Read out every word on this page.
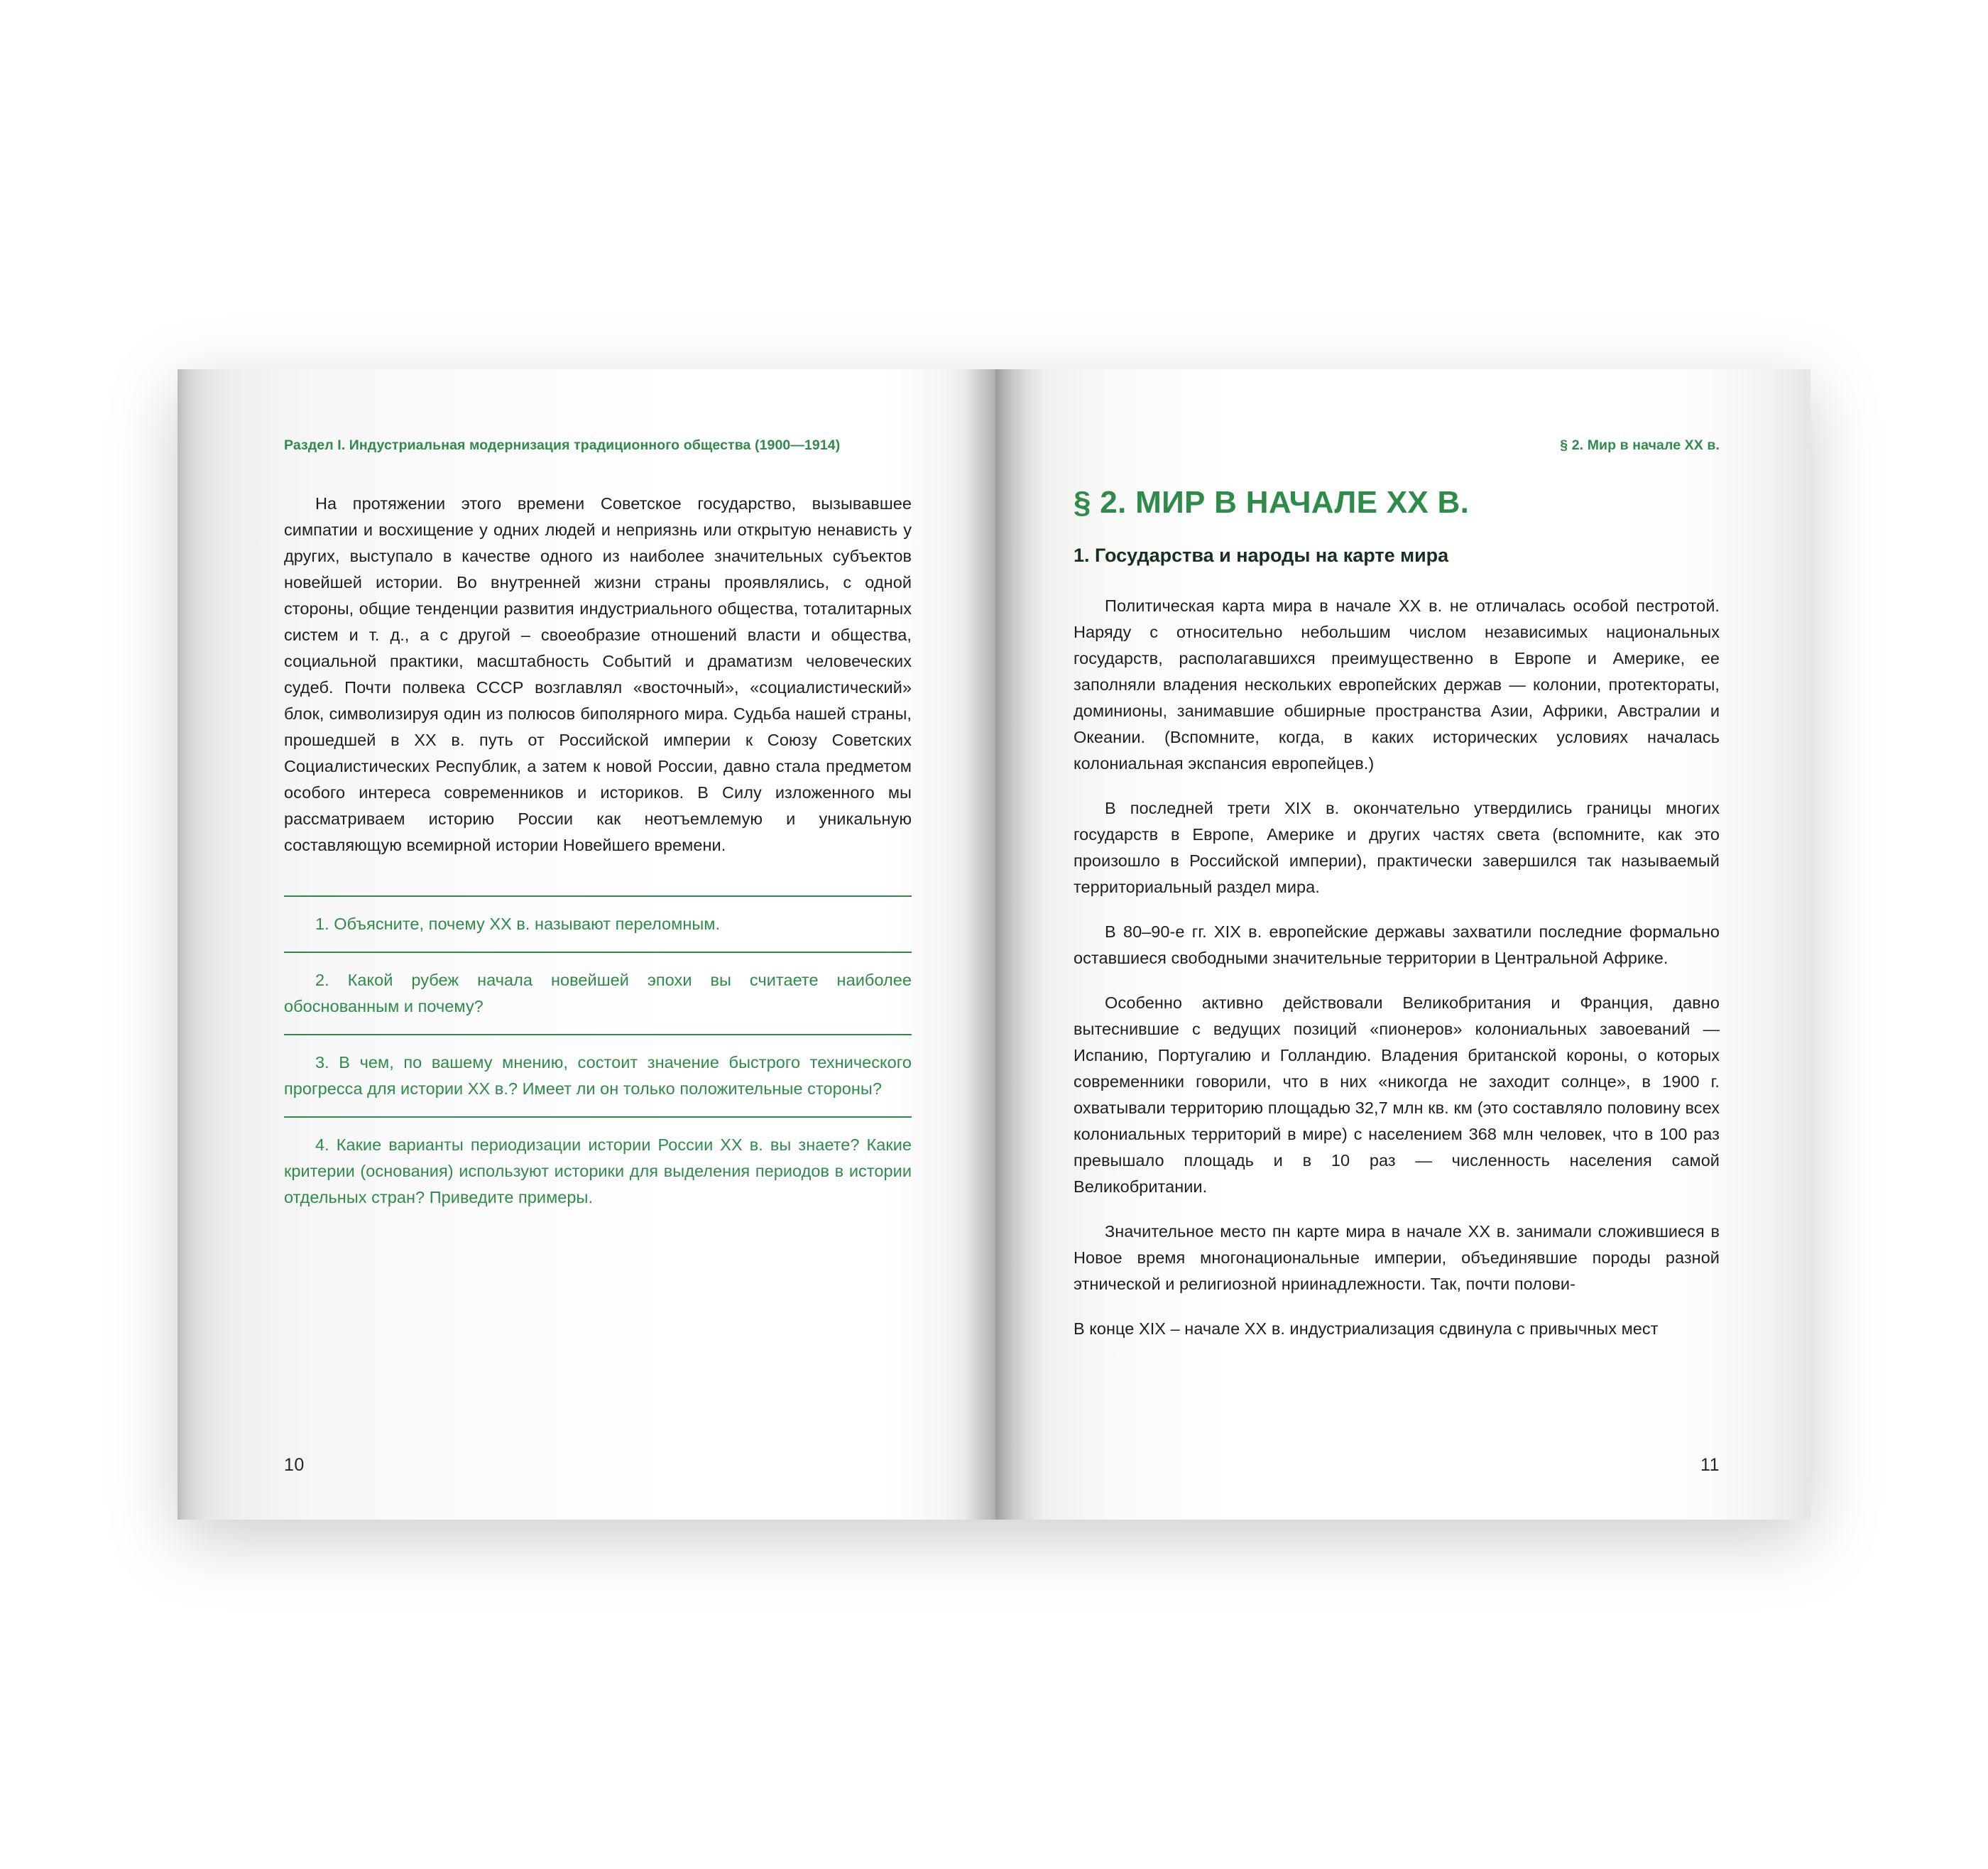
Раздел I. Индустриальная модернизация традиционного общества (1900—1914)

На протяжении этого времени Советское государство, вызывавшее симпатии и восхищение у одних людей и неприязнь или открытую ненависть у других, выступало в качестве одного из наиболее значительных субъектов новейшей истории. Во внутренней жизни страны проявлялись, с одной стороны, общие тенденции развития индустриального общества, тоталитарных систем и т. д., а с другой – своеобразие отношений власти и общества, социальной практики, масштабность Событий и драматизм человеческих судеб. Почти полвека СССР возглавлял «восточный», «социалистический» блок, символизируя один из полюсов биполярного мира. Судьба нашей страны, прошедшей в ХХ в. путь от Российской империи к Союзу Советских Социалистических Республик, а затем к новой России, давно стала предметом особого интереса современников и историков. В Силу изложенного мы рассматриваем историю России как неотъемлемую и уникальную составляющую всемирной истории Новейшего времени.

1. Объясните, почему ХХ в. называют переломным.
2. Какой рубеж начала новейшей эпохи вы считаете наиболее обоснованным и почему?
3. В чем, по вашему мнению, состоит значение быстрого технического прогресса для истории ХХ в.? Имеет ли он только положительные стороны?
4. Какие варианты периодизации истории России ХХ в. вы знаете? Какие критерии (основания) используют историки для выделения периодов в истории отдельных стран? Приведите примеры.
10
§ 2. Мир в начале ХХ в.
§ 2. МИР В НАЧАЛЕ ХХ В.
1. Государства и народы на карте мира

Политическая карта мира в начале ХХ в. не отличалась особой пестротой. Наряду с относительно небольшим числом независимых национальных государств, располагавшихся преимущественно в Европе и Америке, ее заполняли владения нескольких европейских держав — колонии, протектораты, доминионы, занимавшие обширные пространства Азии, Африки, Австралии и Океании. (Вспомните, когда, в каких исторических условиях началась колониальная экспансия европейцев.)

В последней трети XIX в. окончательно утвердились границы многих государств в Европе, Америке и других частях света (вспомните, как это произошло в Российской империи), практически завершился так называемый территориальный раздел мира.

В 80–90-е гг. XIX в. европейские державы захватили последние формально оставшиеся свободными значительные территории в Центральной Африке.

Особенно активно действовали Великобритания и Франция, давно вытеснившие с ведущих позиций «пионеров» колониальных завоеваний — Испанию, Португалию и Голландию. Владения британской короны, о которых современники говорили, что в них «никогда не заходит солнце», в 1900 г. охватывали территорию площадью 32,7 млн кв. км (это составляло половину всех колониальных территорий в мире) с населением 368 млн человек, что в 100 раз превышало площадь и в 10 раз — численность населения самой Великобритании.

Значительное место пн карте мира в начале ХХ в. занимали сложившиеся в Новое время многонациональные империи, объединявшие породы разной этнической и религиозной нриинадлежности. Так, почти полови-

В конце XIX – начале ХХ в. индустриализация сдвинула с привычных мест

11
